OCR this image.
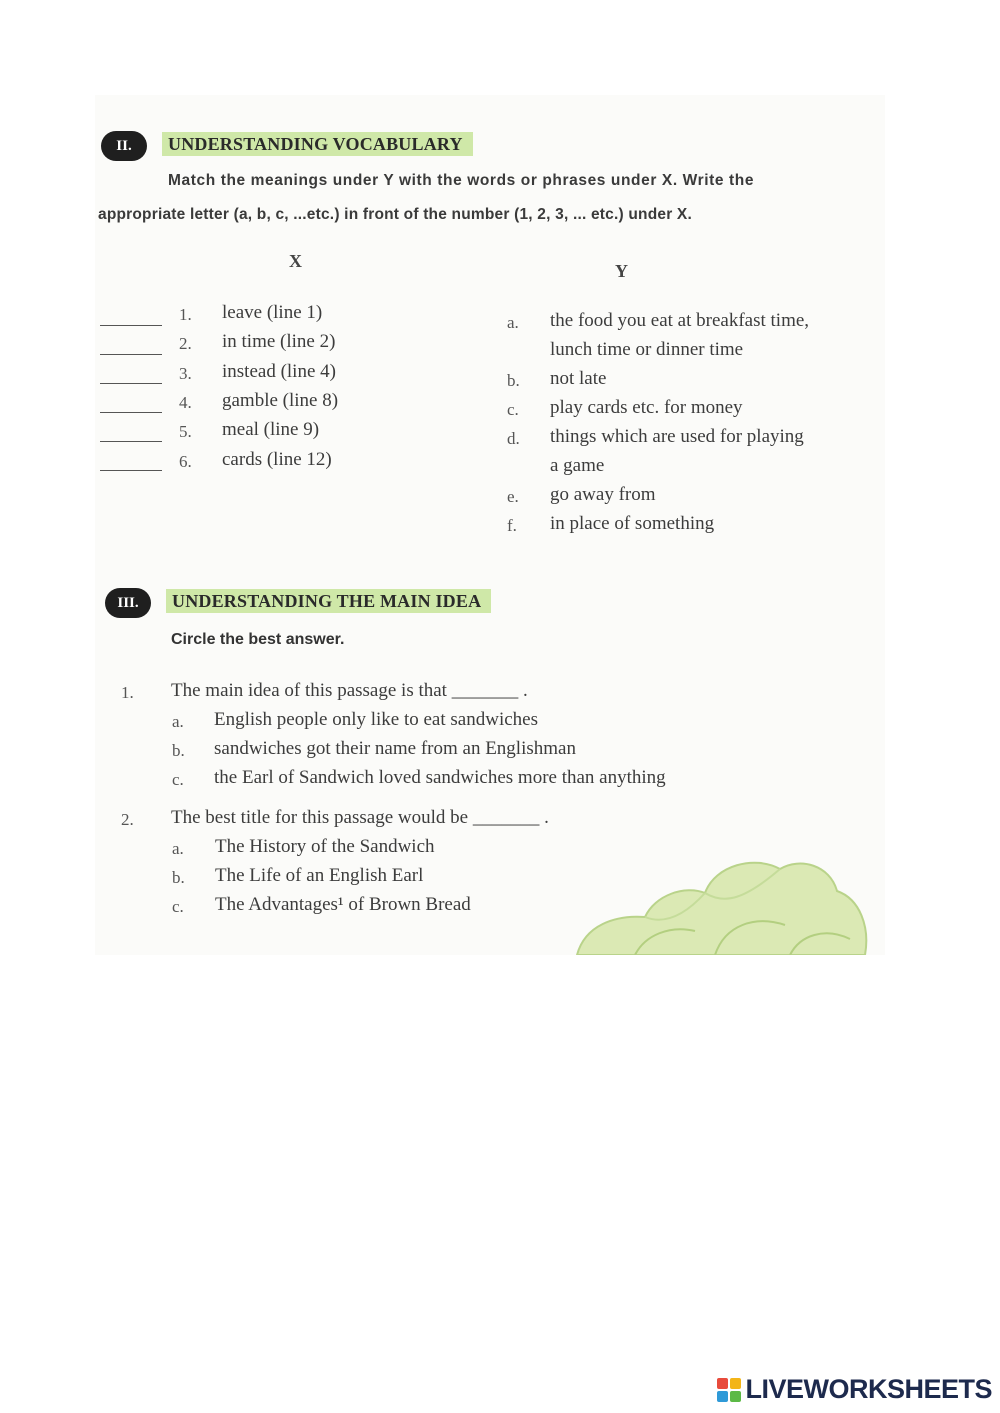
II.	UNDERSTANDING VOCABULARY
Match the meanings under Y with the words or phrases under X. Write the
appropriate letter (a, b, c, ...etc.) in front of the number (1, 2, 3, ... etc.) under X.
X	Y
1. leave (line 1)
2. in time (line 2)
3. instead (line 4)
4. gamble (line 8)
5. meal (line 9)
6. cards (line 12)
a. the food you eat at breakfast time,
lunch time or dinner time
b. not late
c. play cards etc. for money
d. things which are used for playing
a game
e. go away from
f. in place of something
III.	UNDERSTANDING THE MAIN IDEA
Circle the best answer.
1. The main idea of this passage is that _______ .
a. English people only like to eat sandwiches
b. sandwiches got their name from an Englishman
c. the Earl of Sandwich loved sandwiches more than anything
2. The best title for this passage would be _______ .
a. The History of the Sandwich
b. The Life of an English Earl
c. The Advantages¹ of Brown Bread
LIVEWORKSHEETS
